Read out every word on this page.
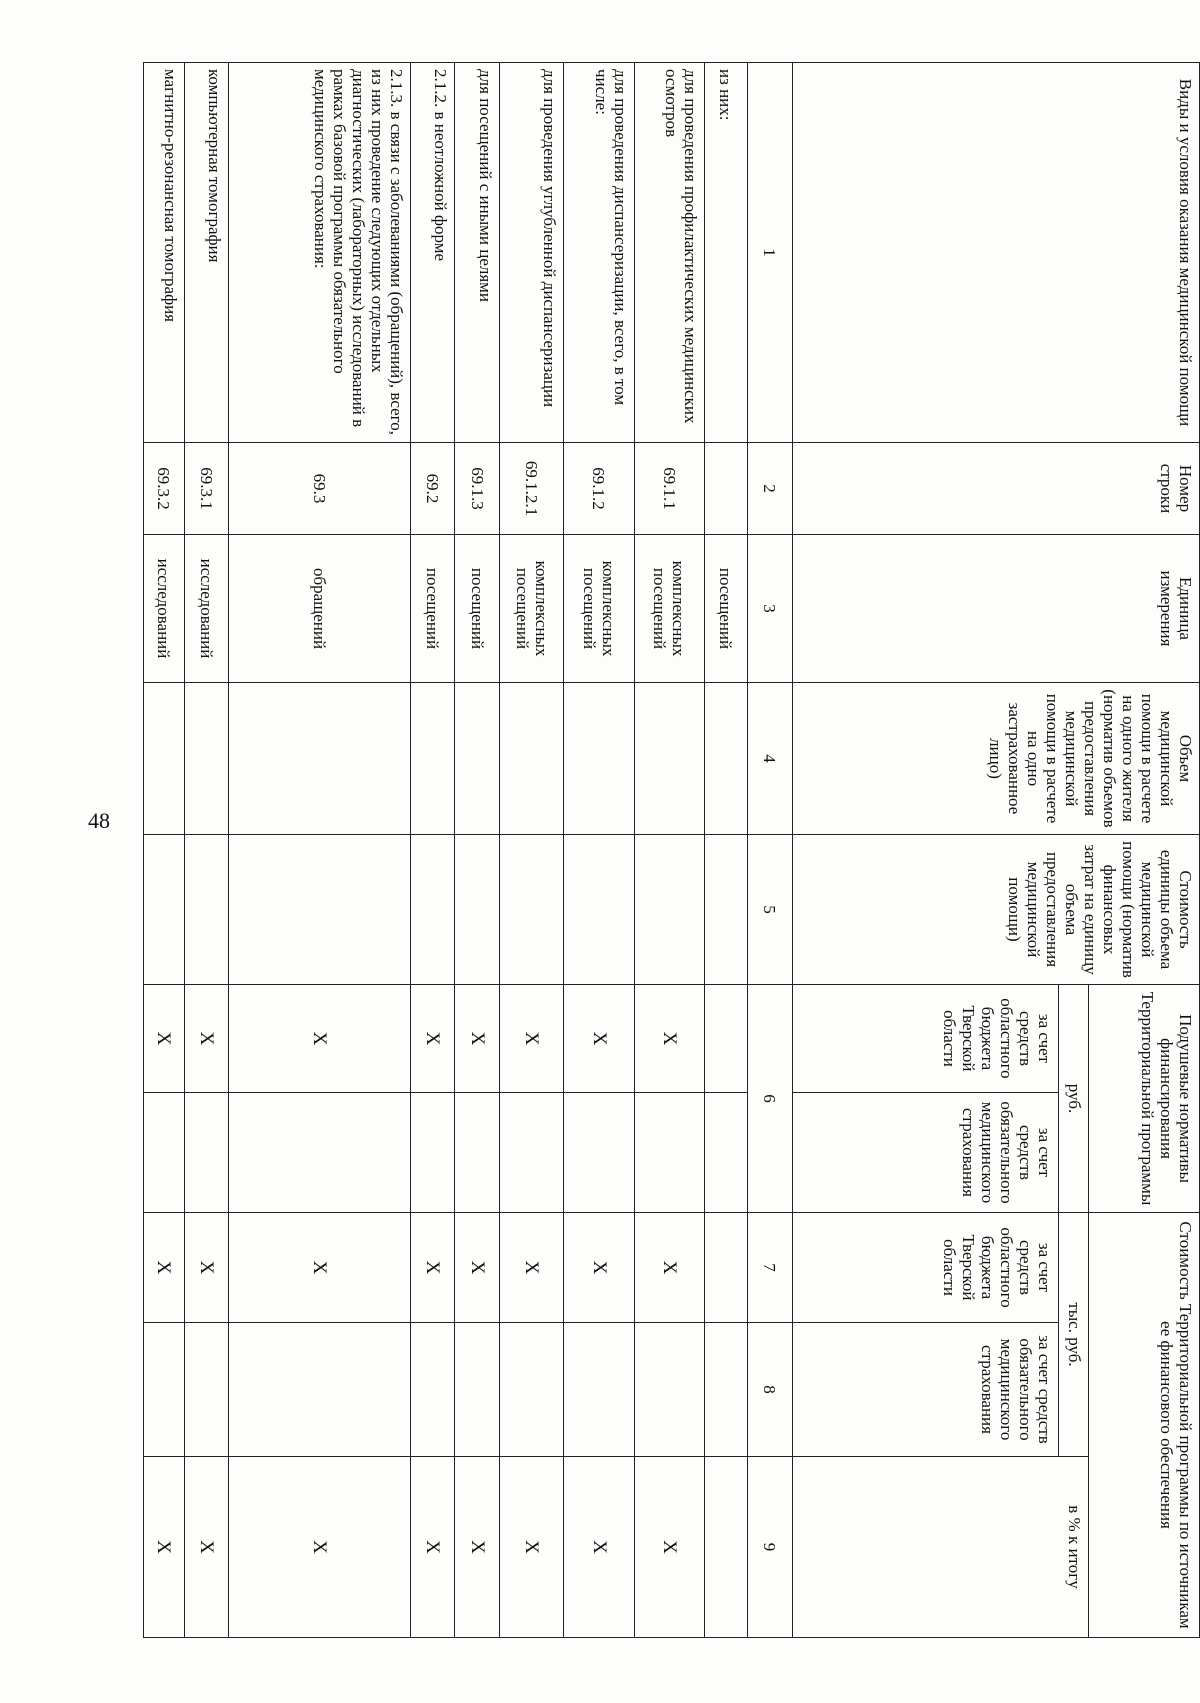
48
Виды и условия оказания медицинской помощи	Номер строки	Единица измерения	Объем медицинской помощи в расчете на одного жителя (норматив объемов предоставления медицинской помощи в расчете на одно застрахованное лицо)	Стоимость единицы объема медицинской помощи (норматив финансовых затрат на единицу объема предоставления медицинской помощи)	Подушевые нормативы финансирования Территориальной программы		Стоимость Территориальной программы по источникам ее финансового обеспечения		
					руб.		тыс. руб.		в % к итогу
					за счет средств областного бюджета Тверской области	за счет средств обязательного медицинского страхования	за счет средств областного бюджета Тверской области	за счет средств обязательного медицинского страхования	
1	2	3	4	5	6		7	8	9
из них:		посещений							
для проведения профилактических медицинских осмотров	69.1.1	комплексных посещений			X		X		X
для проведения диспансеризации, всего, в том числе:	69.1.2	комплексных посещений			X		X		X
для проведения углубленной диспансеризации	69.1.2.1	комплексных посещений			X		X		X
для посещений с иными целями	69.1.3	посещений			X		X		X
2.1.2. в неотложной форме	69.2	посещений			X		X		X
2.1.3. в связи с заболеваниями (обращений), всего, из них проведение следующих отдельных диагностических (лабораторных) исследований в рамках базовой программы обязательного медицинского страхования:	69.3	обращений			X		X		X
компьютерная томография	69.3.1	исследований			X		X		X
магнитно-резонансная томография	69.3.2	исследований			X		X		X
